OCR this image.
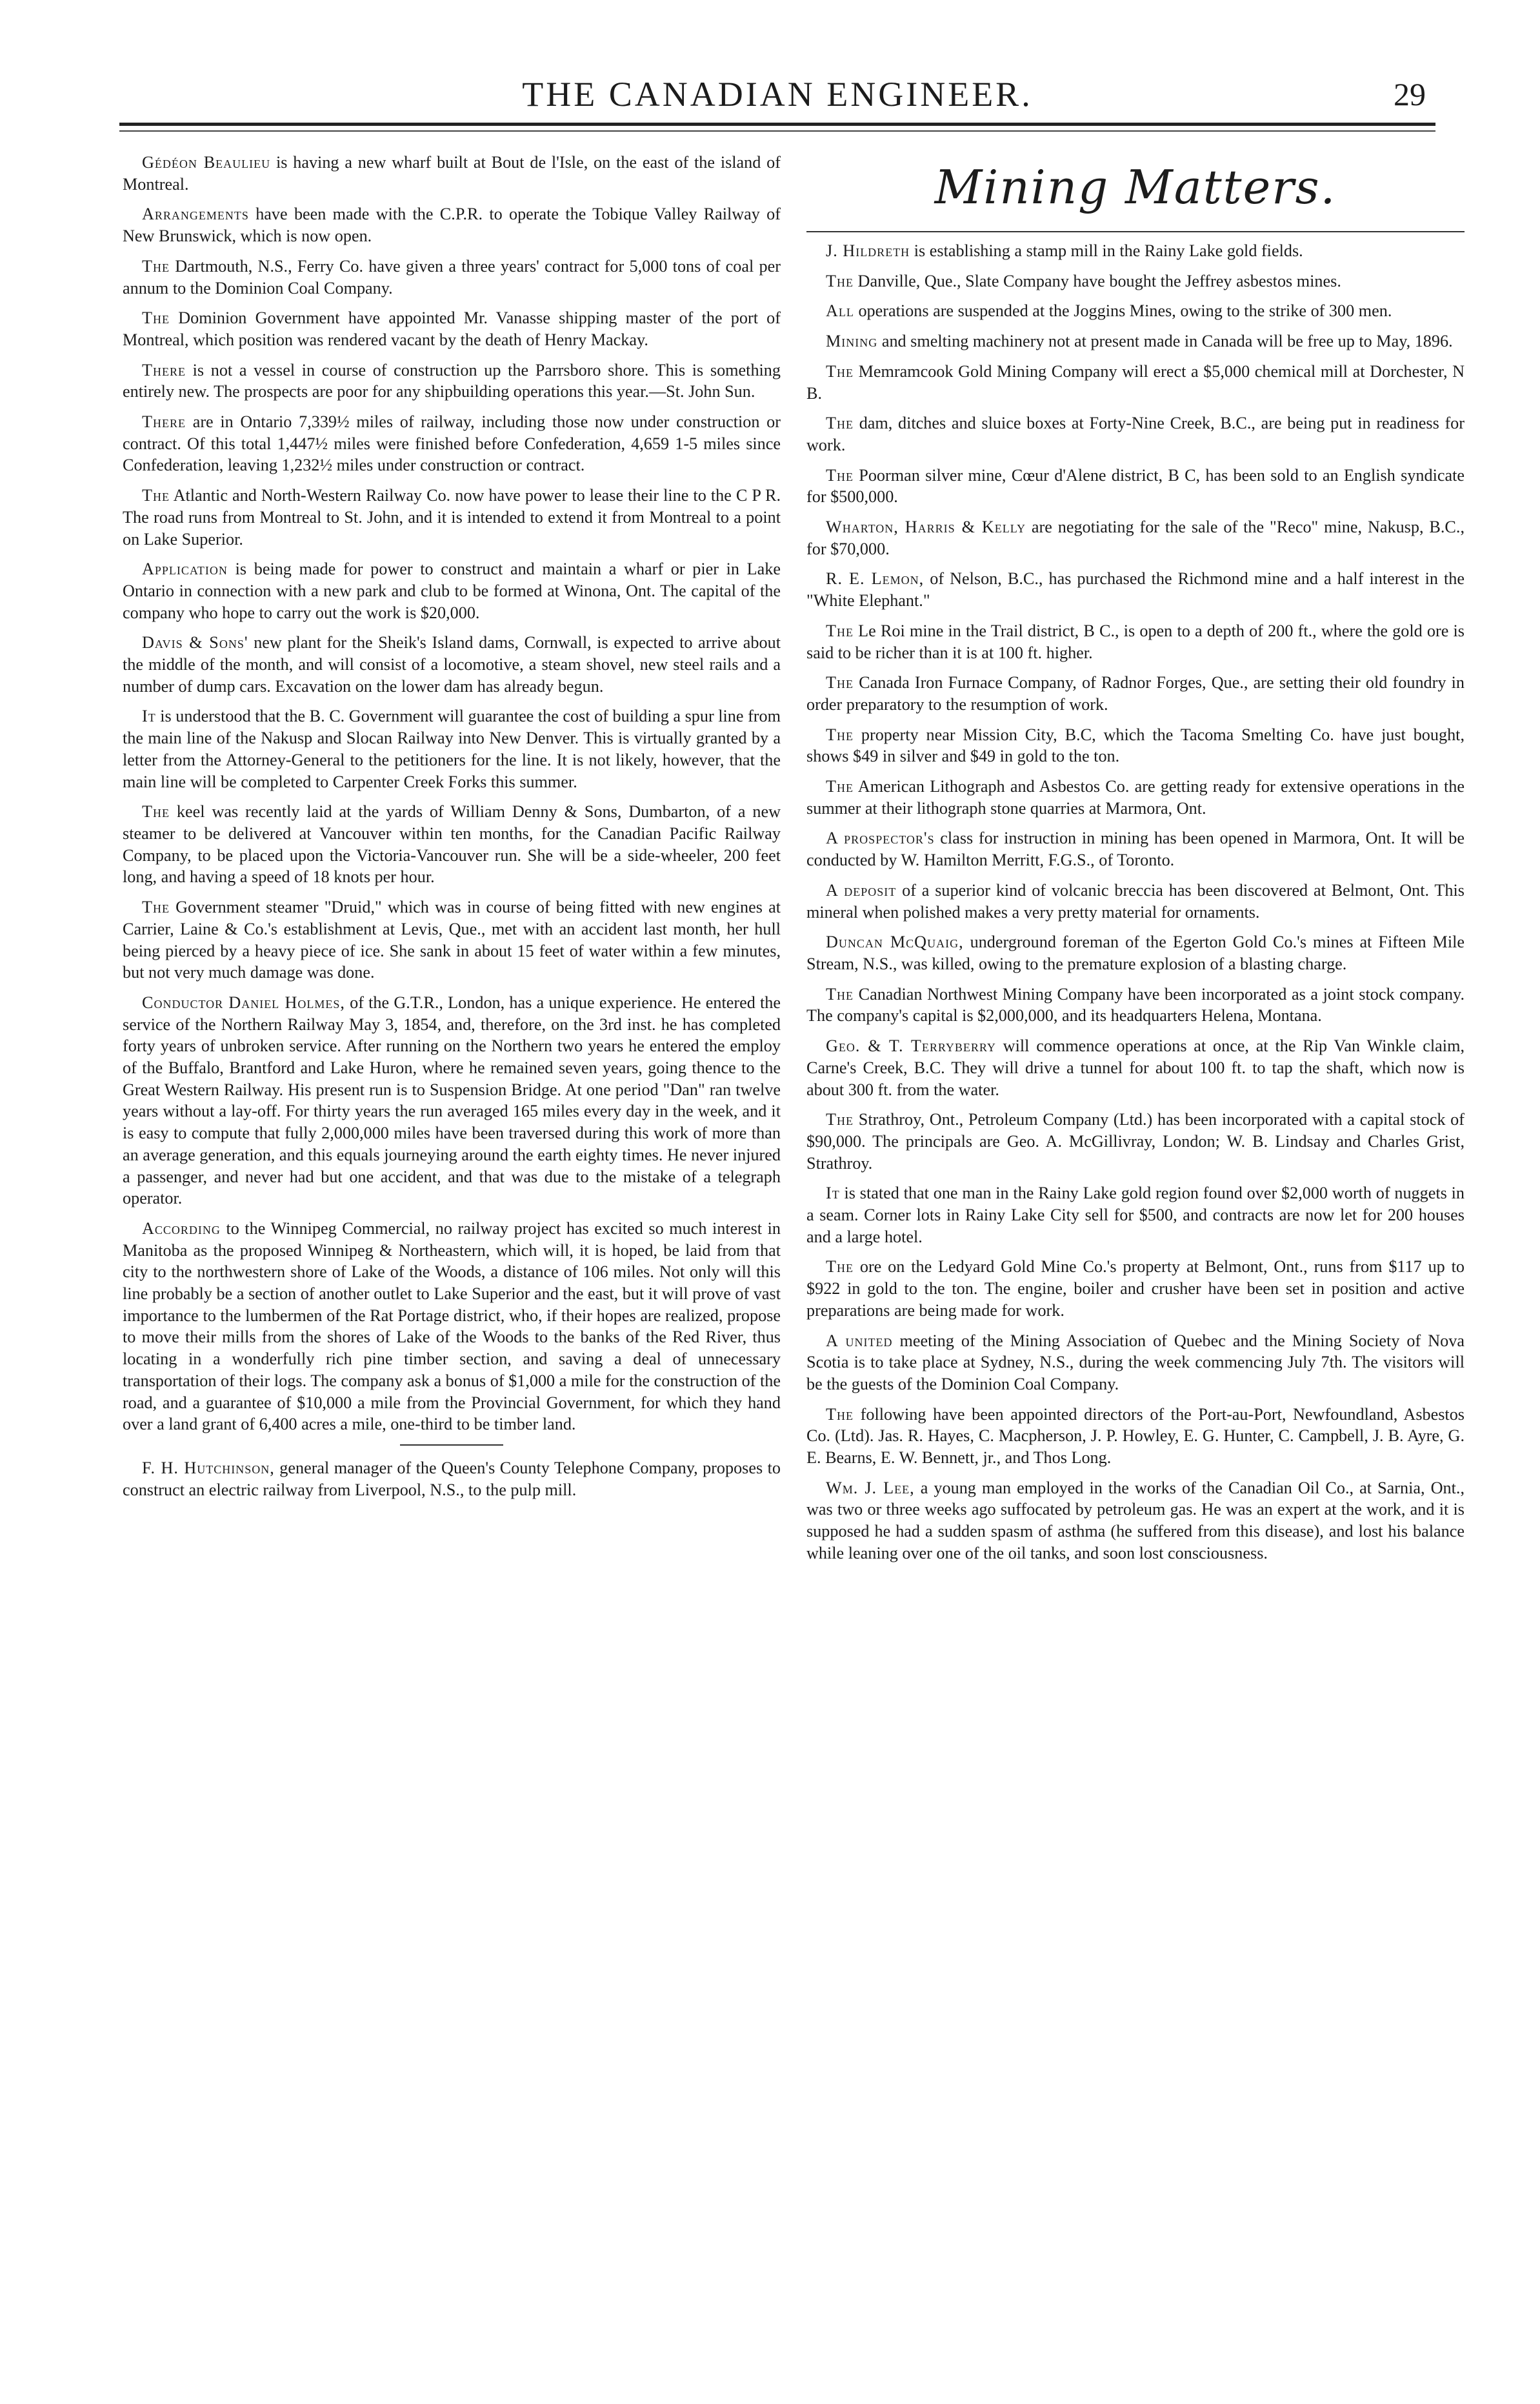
THE CANADIAN ENGINEER.	29

Gédéon Beaulieu is having a new wharf built at Bout de l'Isle, on the east of the island of Montreal.

Arrangements have been made with the C.P.R. to operate the Tobique Valley Railway of New Brunswick, which is now open.

The Dartmouth, N.S., Ferry Co. have given a three years' contract for 5,000 tons of coal per annum to the Dominion Coal Company.

The Dominion Government have appointed Mr. Vanasse shipping master of the port of Montreal, which position was rendered vacant by the death of Henry Mackay.

There is not a vessel in course of construction up the Parrsboro shore. This is something entirely new. The prospects are poor for any shipbuilding operations this year.—St. John Sun.

There are in Ontario 7,339½ miles of railway, including those now under construction or contract. Of this total 1,447½ miles were finished before Confederation, 4,659 1-5 miles since Confederation, leaving 1,232½ miles under construction or contract.

The Atlantic and North-Western Railway Co. now have power to lease their line to the C P R. The road runs from Montreal to St. John, and it is intended to extend it from Montreal to a point on Lake Superior.

Application is being made for power to construct and maintain a wharf or pier in Lake Ontario in connection with a new park and club to be formed at Winona, Ont. The capital of the company who hope to carry out the work is $20,000.

Davis & Sons' new plant for the Sheik's Island dams, Cornwall, is expected to arrive about the middle of the month, and will consist of a locomotive, a steam shovel, new steel rails and a number of dump cars. Excavation on the lower dam has already begun.

It is understood that the B. C. Government will guarantee the cost of building a spur line from the main line of the Nakusp and Slocan Railway into New Denver. This is virtually granted by a letter from the Attorney-General to the petitioners for the line. It is not likely, however, that the main line will be completed to Carpenter Creek Forks this summer.

The keel was recently laid at the yards of William Denny & Sons, Dumbarton, of a new steamer to be delivered at Vancouver within ten months, for the Canadian Pacific Railway Company, to be placed upon the Victoria-Vancouver run. She will be a side-wheeler, 200 feet long, and having a speed of 18 knots per hour.

The Government steamer "Druid," which was in course of being fitted with new engines at Carrier, Laine & Co.'s establishment at Levis, Que., met with an accident last month, her hull being pierced by a heavy piece of ice. She sank in about 15 feet of water within a few minutes, but not very much damage was done.

Conductor Daniel Holmes, of the G.T.R., London, has a unique experience. He entered the service of the Northern Railway May 3, 1854, and, therefore, on the 3rd inst. he has completed forty years of unbroken service. After running on the Northern two years he entered the employ of the Buffalo, Brantford and Lake Huron, where he remained seven years, going thence to the Great Western Railway. His present run is to Suspension Bridge. At one period "Dan" ran twelve years without a lay-off. For thirty years the run averaged 165 miles every day in the week, and it is easy to compute that fully 2,000,000 miles have been traversed during this work of more than an average generation, and this equals journeying around the earth eighty times. He never injured a passenger, and never had but one accident, and that was due to the mistake of a telegraph operator.

According to the Winnipeg Commercial, no railway project has excited so much interest in Manitoba as the proposed Winnipeg & Northeastern, which will, it is hoped, be laid from that city to the northwestern shore of Lake of the Woods, a distance of 106 miles. Not only will this line probably be a section of another outlet to Lake Superior and the east, but it will prove of vast importance to the lumbermen of the Rat Portage district, who, if their hopes are realized, propose to move their mills from the shores of Lake of the Woods to the banks of the Red River, thus locating in a wonderfully rich pine timber section, and saving a deal of unnecessary transportation of their logs. The company ask a bonus of $1,000 a mile for the construction of the road, and a guarantee of $10,000 a mile from the Provincial Government, for which they hand over a land grant of 6,400 acres a mile, one-third to be timber land.

F. H. Hutchinson, general manager of the Queen's County Telephone Company, proposes to construct an electric railway from Liverpool, N.S., to the pulp mill.

Mining Matters.

J. Hildreth is establishing a stamp mill in the Rainy Lake gold fields.

The Danville, Que., Slate Company have bought the Jeffrey asbestos mines.

All operations are suspended at the Joggins Mines, owing to the strike of 300 men.

Mining and smelting machinery not at present made in Canada will be free up to May, 1896.

The Memramcook Gold Mining Company will erect a $5,000 chemical mill at Dorchester, N B.

The dam, ditches and sluice boxes at Forty-Nine Creek, B.C., are being put in readiness for work.

The Poorman silver mine, Cœur d'Alene district, B C, has been sold to an English syndicate for $500,000.

Wharton, Harris & Kelly are negotiating for the sale of the "Reco" mine, Nakusp, B.C., for $70,000.

R. E. Lemon, of Nelson, B.C., has purchased the Richmond mine and a half interest in the "White Elephant."

The Le Roi mine in the Trail district, B C., is open to a depth of 200 ft., where the gold ore is said to be richer than it is at 100 ft. higher.

The Canada Iron Furnace Company, of Radnor Forges, Que., are setting their old foundry in order preparatory to the resumption of work.

The property near Mission City, B.C, which the Tacoma Smelting Co. have just bought, shows $49 in silver and $49 in gold to the ton.

The American Lithograph and Asbestos Co. are getting ready for extensive operations in the summer at their lithograph stone quarries at Marmora, Ont.

A prospector's class for instruction in mining has been opened in Marmora, Ont. It will be conducted by W. Hamilton Merritt, F.G.S., of Toronto.

A deposit of a superior kind of volcanic breccia has been discovered at Belmont, Ont. This mineral when polished makes a very pretty material for ornaments.

Duncan McQuaig, underground foreman of the Egerton Gold Co.'s mines at Fifteen Mile Stream, N.S., was killed, owing to the premature explosion of a blasting charge.

The Canadian Northwest Mining Company have been incorporated as a joint stock company. The company's capital is $2,000,000, and its headquarters Helena, Montana.

Geo. & T. Terryberry will commence operations at once, at the Rip Van Winkle claim, Carne's Creek, B.C. They will drive a tunnel for about 100 ft. to tap the shaft, which now is about 300 ft. from the water.

The Strathroy, Ont., Petroleum Company (Ltd.) has been incorporated with a capital stock of $90,000. The principals are Geo. A. McGillivray, London; W. B. Lindsay and Charles Grist, Strathroy.

It is stated that one man in the Rainy Lake gold region found over $2,000 worth of nuggets in a seam. Corner lots in Rainy Lake City sell for $500, and contracts are now let for 200 houses and a large hotel.

The ore on the Ledyard Gold Mine Co.'s property at Belmont, Ont., runs from $117 up to $922 in gold to the ton. The engine, boiler and crusher have been set in position and active preparations are being made for work.

A united meeting of the Mining Association of Quebec and the Mining Society of Nova Scotia is to take place at Sydney, N.S., during the week commencing July 7th. The visitors will be the guests of the Dominion Coal Company.

The following have been appointed directors of the Port-au-Port, Newfoundland, Asbestos Co. (Ltd). Jas. R. Hayes, C. Macpherson, J. P. Howley, E. G. Hunter, C. Campbell, J. B. Ayre, G. E. Bearns, E. W. Bennett, jr., and Thos Long.

Wm. J. Lee, a young man employed in the works of the Canadian Oil Co., at Sarnia, Ont., was two or three weeks ago suffocated by petroleum gas. He was an expert at the work, and it is supposed he had a sudden spasm of asthma (he suffered from this disease), and lost his balance while leaning over one of the oil tanks, and soon lost consciousness.
